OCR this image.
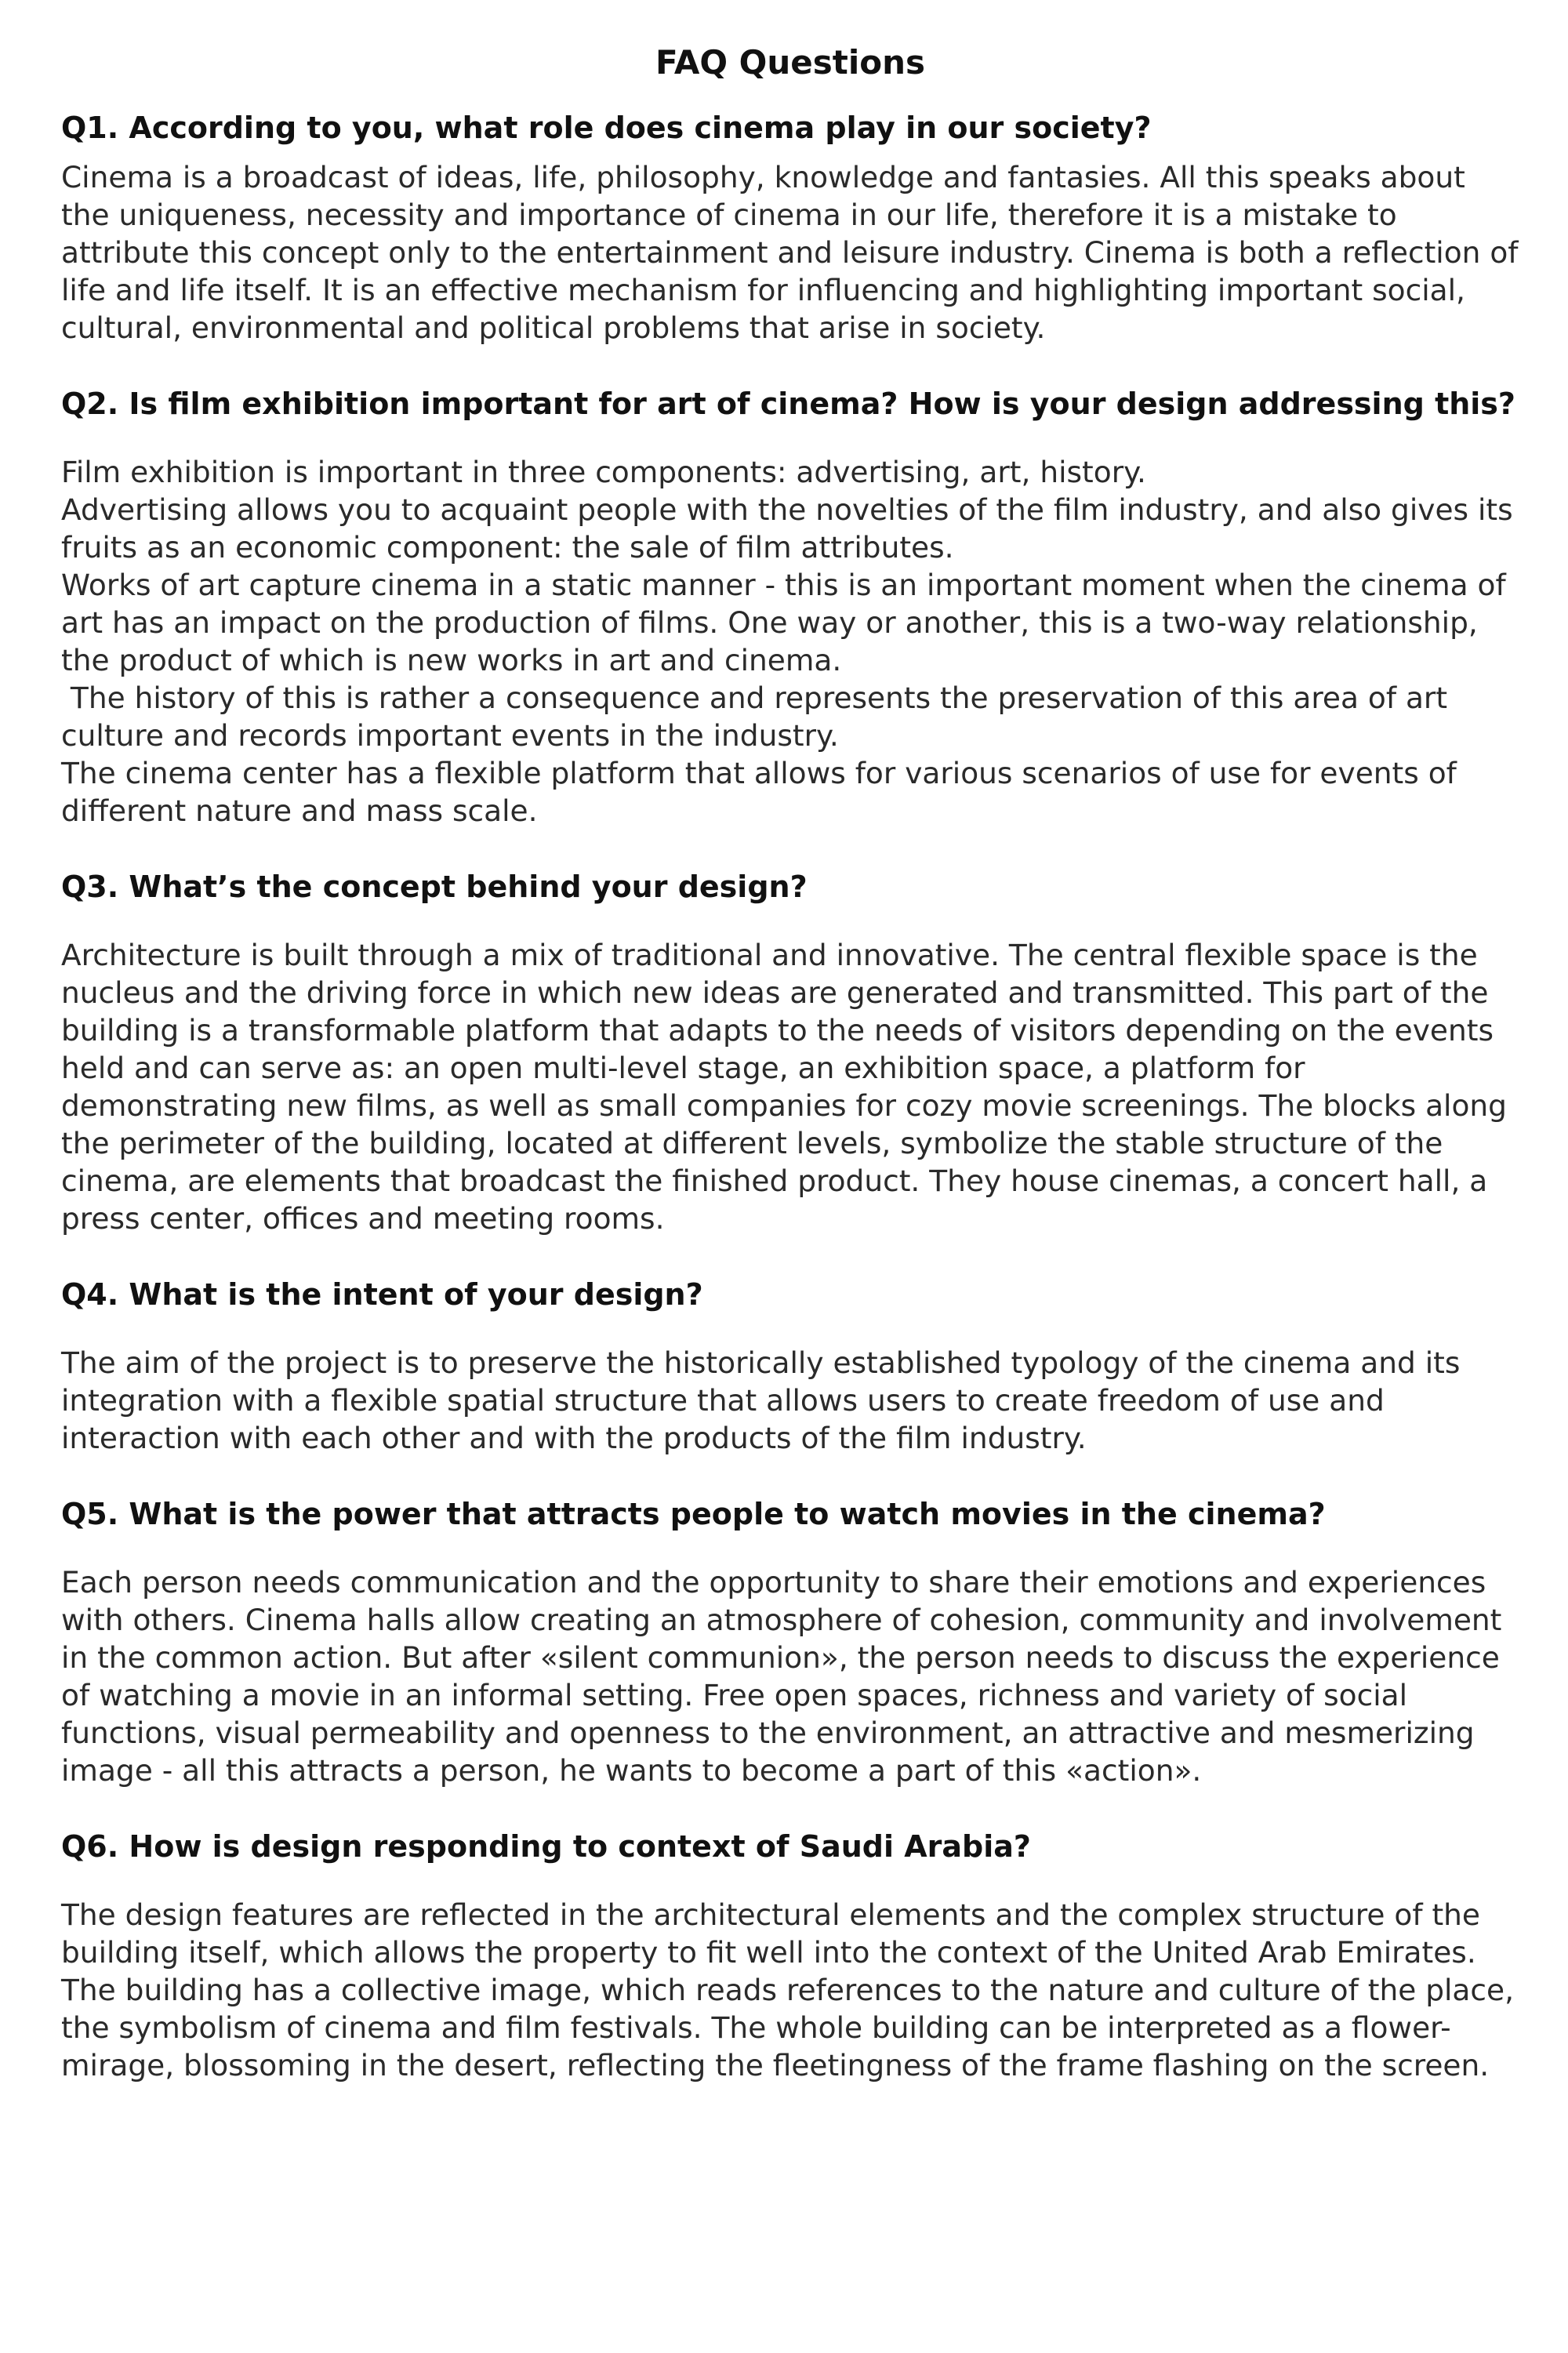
FAQ Questions
Q1. According to you, what role does cinema play in our society?

Cinema is a broadcast of ideas, life, philosophy, knowledge and fantasies. All this speaks about the uniqueness, necessity and importance of cinema in our life, therefore it is a mistake to attribute this concept only to the entertainment and leisure industry. Cinema is both a reflection of life and life itself. It is an effective mechanism for influencing and highlighting important social, cultural, environmental and political problems that arise in society.

Q2. Is film exhibition important for art of cinema? How is your design addressing this?

Film exhibition is important in three components: advertising, art, history.

Advertising allows you to acquaint people with the novelties of the film industry, and also gives its fruits as an economic component: the sale of film attributes.

Works of art capture cinema in a static manner - this is an important moment when the cinema of art has an impact on the production of films. One way or another, this is a two-way relationship, the product of which is new works in art and cinema.

The history of this is rather a consequence and represents the preservation of this area of art culture and records important events in the industry.

The cinema center has a flexible platform that allows for various scenarios of use for events of different nature and mass scale.

Q3. What’s the concept behind your design?

Architecture is built through a mix of traditional and innovative. The central flexible space is the nucleus and the driving force in which new ideas are generated and transmitted. This part of the building is a transformable platform that adapts to the needs of visitors depending on the events held and can serve as: an open multi-level stage, an exhibition space, a platform for demonstrating new films, as well as small companies for cozy movie screenings. The blocks along the perimeter of the building, located at different levels, symbolize the stable structure of the cinema, are elements that broadcast the finished product. They house cinemas, a concert hall, a press center, offices and meeting rooms.

Q4. What is the intent of your design?

The aim of the project is to preserve the historically established typology of the cinema and its integration with a flexible spatial structure that allows users to create freedom of use and interaction with each other and with the products of the film industry.

Q5. What is the power that attracts people to watch movies in the cinema?

Each person needs communication and the opportunity to share their emotions and experiences with others. Cinema halls allow creating an atmosphere of cohesion, community and involvement in the common action. But after «silent communion», the person needs to discuss the experience of watching a movie in an informal setting. Free open spaces, richness and variety of social functions, visual permeability and openness to the environment, an attractive and mesmerizing image - all this attracts a person, he wants to become a part of this «action».

Q6. How is design responding to context of Saudi Arabia?

The design features are reflected in the architectural elements and the complex structure of the building itself, which allows the property to fit well into the context of the United Arab Emirates. The building has a collective image, which reads references to the nature and culture of the place, the symbolism of cinema and film festivals. The whole building can be interpreted as a flower-mirage, blossoming in the desert, reflecting the fleetingness of the frame flashing on the screen.
